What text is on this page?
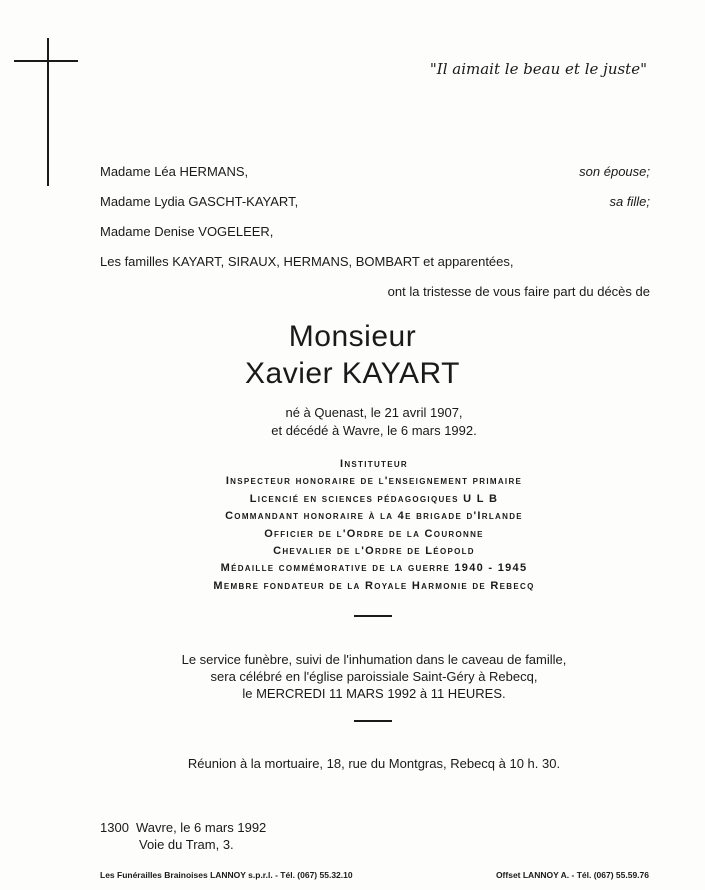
"Il aimait le beau et le juste"
Madame Léa HERMANS,	son épouse;
Madame Lydia GASCHT-KAYART,	sa fille;
Madame Denise VOGELEER,
Les familles KAYART, SIRAUX, HERMANS, BOMBART et apparentées,
ont la tristesse de vous faire part du décès de
Monsieur
Xavier KAYART
né à Quenast, le 21 avril 1907,
et décédé à Wavre, le 6 mars 1992.
Instituteur
Inspecteur honoraire de l'enseignement primaire
Licencié en sciences pédagogiques U L B
Commandant honoraire à la 4e brigade d'Irlande
Officier de l'Ordre de la Couronne
Chevalier de l'Ordre de Léopold
Médaille commémorative de la guerre 1940 - 1945
Membre fondateur de la Royale Harmonie de Rebecq
Le service funèbre, suivi de l'inhumation dans le caveau de famille,
sera célébré en l'église paroissiale Saint-Géry à Rebecq,
le MERCREDI 11 MARS 1992 à 11 HEURES.
Réunion à la mortuaire, 18, rue du Montgras, Rebecq à 10 h. 30.
1300 Wavre, le 6 mars 1992
Voie du Tram, 3.
Les Funérailles Brainoises LANNOY s.p.r.l. - Tél. (067) 55.32.10	Offset LANNOY A. - Tél. (067) 55.59.76
